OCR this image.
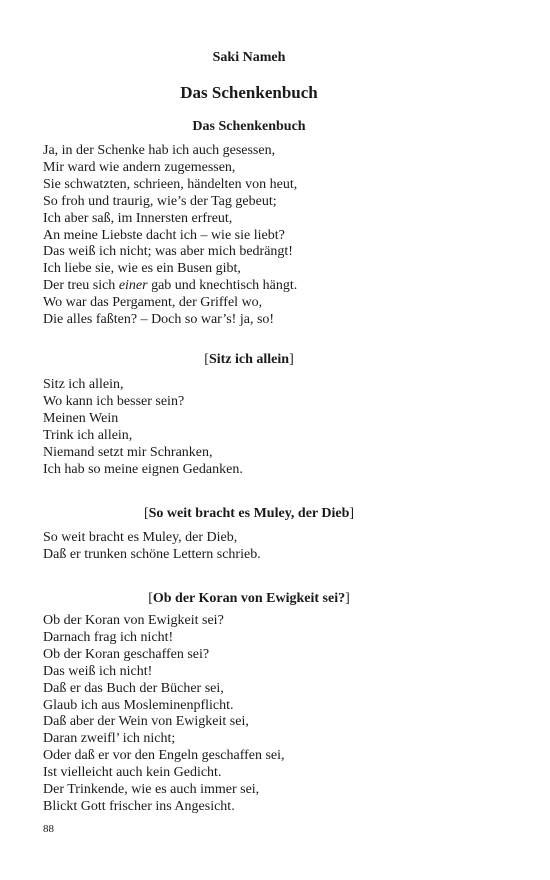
Saki Nameh
Das Schenkenbuch
Das Schenkenbuch
Ja, in der Schenke hab ich auch gesessen,
Mir ward wie andern zugemessen,
Sie schwatzten, schrieen, händelten von heut,
So froh und traurig, wie’s der Tag gebeut;
Ich aber saß, im Innersten erfreut,
An meine Liebste dacht ich – wie sie liebt?
Das weiß ich nicht; was aber mich bedrängt!
Ich liebe sie, wie es ein Busen gibt,
Der treu sich einer gab und knechtisch hängt.
Wo war das Pergament, der Griffel wo,
Die alles faßten? – Doch so war’s! ja, so!
[Sitz ich allein]
Sitz ich allein,
Wo kann ich besser sein?
Meinen Wein
Trink ich allein,
Niemand setzt mir Schranken,
Ich hab so meine eignen Gedanken.
[So weit bracht es Muley, der Dieb]
So weit bracht es Muley, der Dieb,
Daß er trunken schöne Lettern schrieb.
[Ob der Koran von Ewigkeit sei?]
Ob der Koran von Ewigkeit sei?
Darnach frag ich nicht!
Ob der Koran geschaffen sei?
Das weiß ich nicht!
Daß er das Buch der Bücher sei,
Glaub ich aus Mosleminenpflicht.
Daß aber der Wein von Ewigkeit sei,
Daran zweifl’ ich nicht;
Oder daß er vor den Engeln geschaffen sei,
Ist vielleicht auch kein Gedicht.
Der Trinkende, wie es auch immer sei,
Blickt Gott frischer ins Angesicht.
88
